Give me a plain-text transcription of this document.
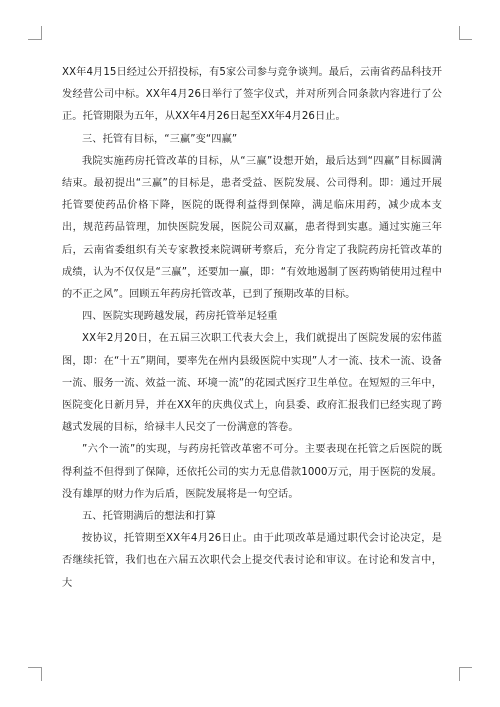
XX年4月15日经过公开招投标，有5家公司参与竞争谈判。最后，云南省药品科技开发经营公司中标。XX年4月26日举行了签字仪式，并对所列合同条款内容进行了公正。托管期限为五年，从XX年4月26日起至XX年4月26日止。

三、托管有目标，“三赢”变“四赢”

我院实施药房托管改革的目标，从“三赢”设想开始，最后达到“四赢”目标圆满结束。最初提出“三赢”的目标是，患者受益、医院发展、公司得利。即：通过开展托管要使药品价格下降，医院的既得利益得到保障，满足临床用药，减少成本支出，规范药品管理，加快医院发展，医院公司双赢，患者得到实惠。通过实施三年后，云南省委组织有关专家教授来院调研考察后，充分肯定了我院药房托管改革的成绩，认为不仅仅是“三赢”，还要加一赢，即：“有效地遏制了医药购销使用过程中的不正之风”。回顾五年药房托管改革，已到了预期改革的目标。

四、医院实现跨越发展，药房托管举足轻重

XX年2月20日，在五届三次职工代表大会上，我们就提出了医院发展的宏伟蓝图，即：在“十五”期间，要率先在州内县级医院中实现”人才一流、技术一流、设备一流、服务一流、效益一流、环境一流”的花园式医疗卫生单位。在短短的三年中，医院变化日新月异，并在XX年的庆典仪式上，向县委、政府汇报我们已经实现了跨越式发展的目标，给禄丰人民交了一份满意的答卷。

”六个一流”的实现，与药房托管改革密不可分。主要表现在托管之后医院的既得利益不但得到了保障，还依托公司的实力无息借款1000万元，用于医院的发展。没有雄厚的财力作为后盾，医院发展将是一句空话。

五、托管期满后的想法和打算

按协议，托管期至XX年4月26日止。由于此项改革是通过职代会讨论决定，是否继续托管，我们也在六届五次职代会上提交代表讨论和审议。在讨论和发言中，大
